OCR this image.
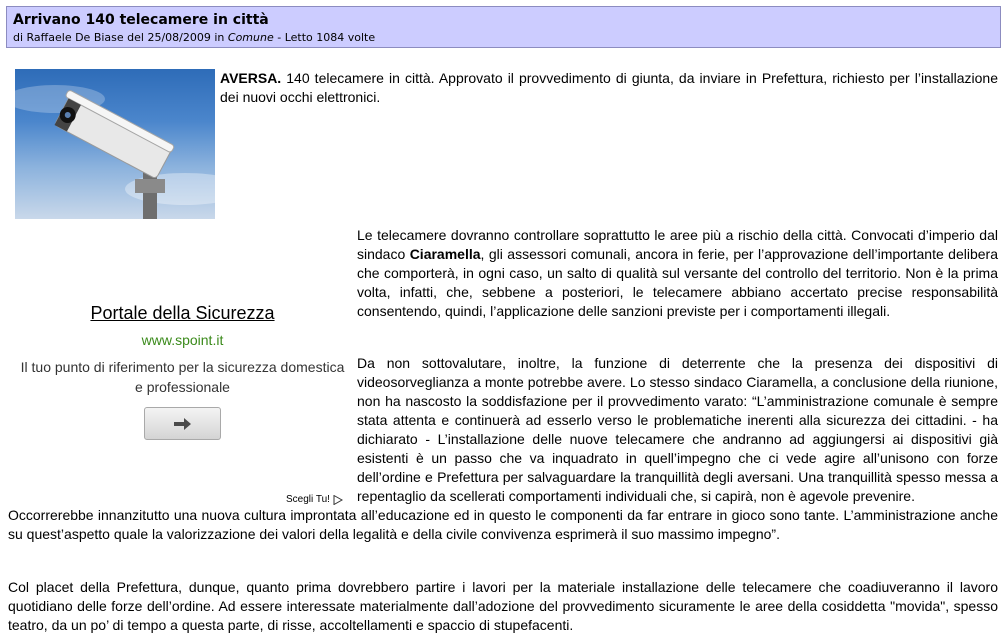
Arrivano 140 telecamere in città
di Raffaele De Biase del 25/08/2009 in Comune - Letto 1084 volte
AVERSA. 140 telecamere in città. Approvato il provvedimento di giunta, da inviare in Prefettura, richiesto per l’installazione dei nuovi occhi elettronici.
Le telecamere dovranno controllare soprattutto le aree più a rischio della città. Convocati d’imperio dal sindaco Ciaramella, gli assessori comunali, ancora in ferie, per l’approvazione dell’importante delibera che comporterà, in ogni caso, un salto di qualità sul versante del controllo del territorio. Non è la prima volta, infatti, che, sebbene a posteriori, le telecamere abbiano accertato precise responsabilità consentendo, quindi, l’applicazione delle sanzioni previste per i comportamenti illegali.
Da non sottovalutare, inoltre, la funzione di deterrente che la presenza dei dispositivi di videosorveglianza a monte potrebbe avere. Lo stesso sindaco Ciaramella, a conclusione della riunione, non ha nascosto la soddisfazione per il provvedimento varato: “L’amministrazione comunale è sempre stata attenta e continuerà ad esserlo verso le problematiche inerenti alla sicurezza dei cittadini. - ha dichiarato - L’installazione delle nuove telecamere che andranno ad aggiungersi ai dispositivi già esistenti è un passo che va inquadrato in quell’impegno che ci vede agire all’unisono con forze dell’ordine e Prefettura per salvaguardare la tranquillità degli aversani. Una tranquillità spesso messa a repentaglio da scellerati comportamenti individuali che, si capirà, non è agevole prevenire.
Occorrerebbe innanzitutto una nuova cultura improntata all’educazione ed in questo le componenti da far entrare in gioco sono tante. L’amministrazione anche su quest’aspetto quale la valorizzazione dei valori della legalità e della civile convivenza esprimerà il suo massimo impegno”.
Col placet della Prefettura, dunque, quanto prima dovrebbero partire i lavori per la materiale installazione delle telecamere che coadiuveranno il lavoro quotidiano delle forze dell’ordine. Ad essere interessate materialmente dall’adozione del provvedimento sicuramente le aree della cosiddetta "movida", spesso teatro, da un po’ di tempo a questa parte, di risse, accoltellamenti e spaccio di stupefacenti.
Portale della Sicurezza
www.spoint.it
Il tuo punto di riferimento per la sicurezza domestica e professionale
Scegli Tu!
